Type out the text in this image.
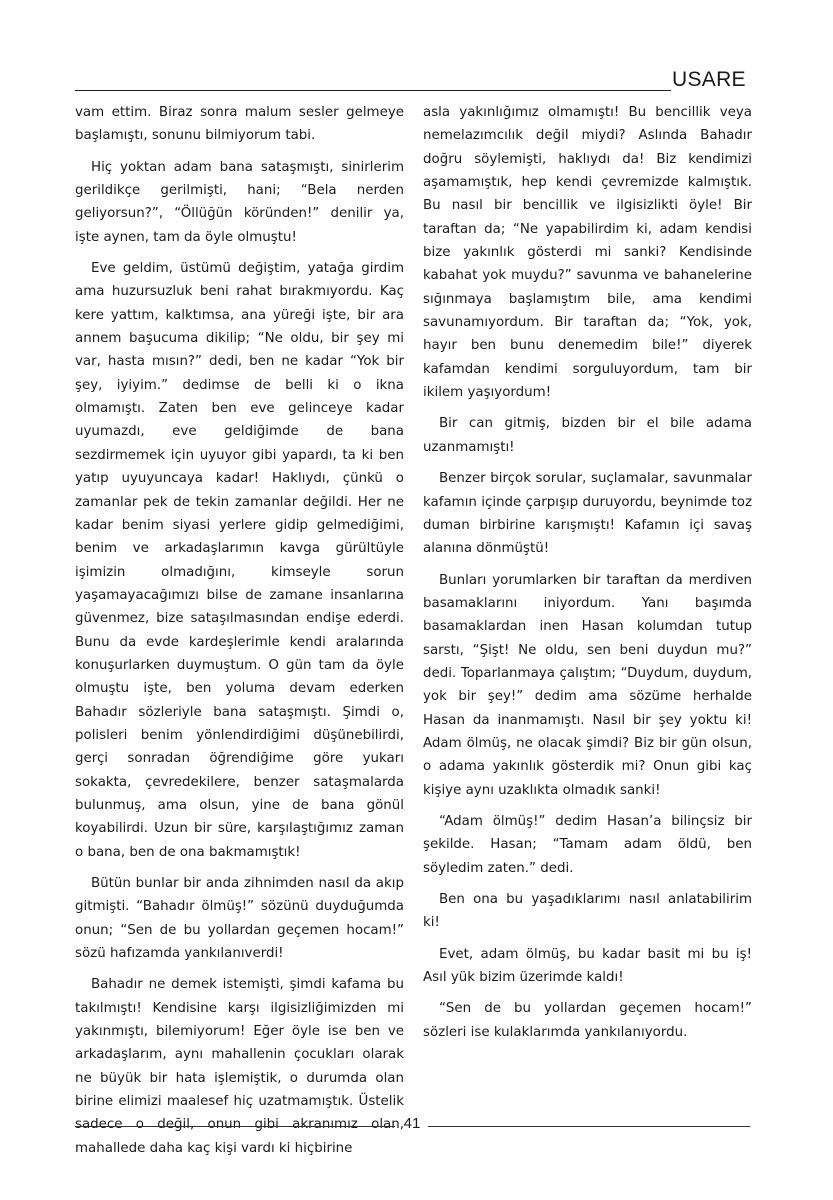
USARE

vam ettim. Biraz sonra malum sesler gelmeye başlamıştı, sonunu bilmiyorum tabi.

Hiç yoktan adam bana sataşmıştı, sinirlerim gerildikçe gerilmişti, hani; “Bela nerden geliyorsun?”, “Öllüğün köründen!” denilir ya, işte aynen, tam da öyle olmuştu!

Eve geldim, üstümü değiştim, yatağa girdim ama huzursuzluk beni rahat bırakmıyordu. Kaç kere yattım, kalktımsa, ana yüreği işte, bir ara annem başucuma dikilip; “Ne oldu, bir şey mi var, hasta mısın?” dedi, ben ne kadar “Yok bir şey, iyiyim.” dedimse de belli ki o ikna olmamıştı. Zaten ben eve gelinceye kadar uyumazdı, eve geldiğimde de bana sezdirmemek için uyuyor gibi yapardı, ta ki ben yatıp uyuyuncaya kadar! Haklıydı, çünkü o zamanlar pek de tekin zamanlar değildi. Her ne kadar benim siyasi yerlere gidip gelmediğimi, benim ve arkadaşlarımın kavga gürültüyle işimizin olmadığını, kimseyle sorun yaşamayacağımızı bilse de zamane insanlarına güvenmez, bize sataşılmasından endişe ederdi. Bunu da evde kardeşlerimle kendi aralarında konuşurlarken duymuştum. O gün tam da öyle olmuştu işte, ben yoluma devam ederken Bahadır sözleriyle bana sataşmıştı. Şimdi o, polisleri benim yönlendirdiğimi düşünebilirdi, gerçi sonradan öğrendiğime göre yukarı sokakta, çevredekilere, benzer sataşmalarda bulunmuş, ama olsun, yine de bana gönül koyabilirdi. Uzun bir süre, karşılaştığımız zaman o bana, ben de ona bakmamıştık!

Bütün bunlar bir anda zihnimden nasıl da akıp gitmişti. “Bahadır ölmüş!” sözünü duyduğumda onun; “Sen de bu yollardan geçemen hocam!” sözü hafızamda yankılanıverdi!

Bahadır ne demek istemişti, şimdi kafama bu takılmıştı! Kendisine karşı ilgisizliğimizden mi yakınmıştı, bilemiyorum! Eğer öyle ise ben ve arkadaşlarım, aynı mahallenin çocukları olarak ne büyük bir hata işlemiştik, o durumda olan birine elimizi maalesef hiç uzatmamıştık. Üstelik sadece o değil, onun gibi akranımız olan, mahallede daha kaç kişi vardı ki hiçbirine

asla yakınlığımız olmamıştı! Bu bencillik veya nemelazımcılık değil miydi? Aslında Bahadır doğru söylemişti, haklıydı da! Biz kendimizi aşamamıştık, hep kendi çevremizde kalmıştık. Bu nasıl bir bencillik ve ilgisizlikti öyle! Bir taraftan da; “Ne yapabilirdim ki, adam kendisi bize yakınlık gösterdi mi sanki? Kendisinde kabahat yok muydu?” savunma ve bahanelerine sığınmaya başlamıştım bile, ama kendimi savunamıyordum. Bir taraftan da; “Yok, yok, hayır ben bunu denemedim bile!” diyerek kafamdan kendimi sorguluyordum, tam bir ikilem yaşıyordum!

Bir can gitmiş, bizden bir el bile adama uzanmamıştı!

Benzer birçok sorular, suçlamalar, savunmalar kafamın içinde çarpışıp duruyordu, beynimde toz duman birbirine karışmıştı! Kafamın içi savaş alanına dönmüştü!

Bunları yorumlarken bir taraftan da merdiven basamaklarını iniyordum. Yanı başımda basamaklardan inen Hasan kolumdan tutup sarstı, “Şişt! Ne oldu, sen beni duydun mu?” dedi. Toparlanmaya çalıştım; “Duydum, duydum, yok bir şey!” dedim ama sözüme herhalde Hasan da inanmamıştı. Nasıl bir şey yoktu ki! Adam ölmüş, ne olacak şimdi? Biz bir gün olsun, o adama yakınlık gösterdik mi? Onun gibi kaç kişiye aynı uzaklıkta olmadık sanki!

“Adam ölmüş!” dedim Hasan’a bilinçsiz bir şekilde. Hasan; “Tamam adam öldü, ben söyledim zaten.” dedi.

Ben ona bu yaşadıklarımı nasıl anlatabilirim ki!

Evet, adam ölmüş, bu kadar basit mi bu iş! Asıl yük bizim üzerimde kaldı!

“Sen de bu yollardan geçemen hocam!” sözleri ise kulaklarımda yankılanıyordu.

41
